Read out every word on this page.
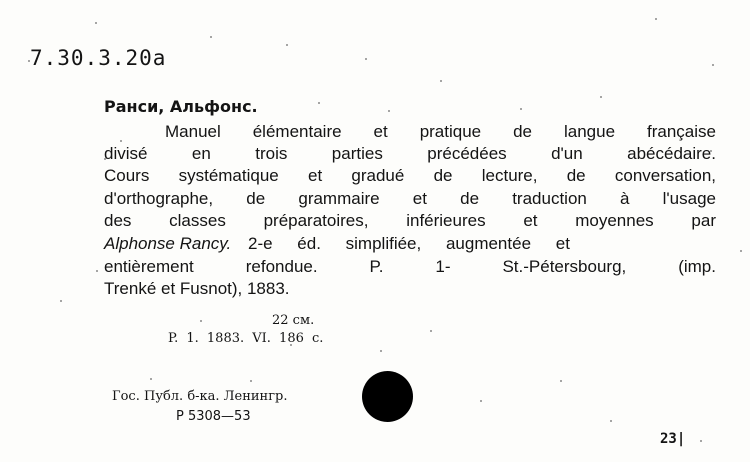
7.30.3.20a
Ранси, Альфонс.
Manuel élémentaire et pratique de langue française
divisé en trois parties précédées d'un abécédaire.
Cours systématique et gradué de lecture, de conversation,
d'orthographe, de grammaire et de traduction à l'usage
des classes préparatoires, inférieures et moyennes par
Alphonse Rancy. 2-e éd. simplifiée, augmentée et
entièrement refondue. P. 1- St.-Pétersbourg, (imp.
Trenké et Fusnot), 1883.
22 см.
P. 1. 1883. VI. 186 c.
Гос. Публ. б-ка. Ленингр.
P 5308—53
23|
